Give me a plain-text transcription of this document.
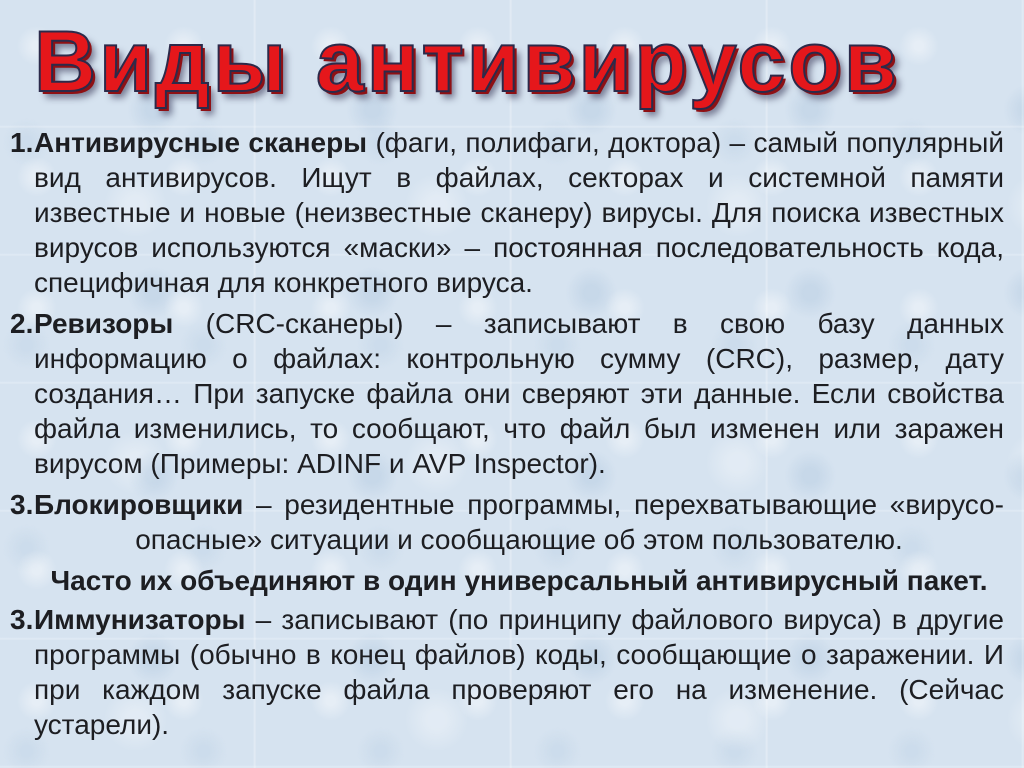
Виды антивирусов
1. Антивирусные сканеры (фаги, полифаги, доктора) – самый популярный вид антивирусов. Ищут в файлах, секторах и системной памяти известные и новые (неизвестные сканеру) вирусы. Для поиска известных вирусов используются «маски» – постоянная последовательность кода, специфичная для конкретного вируса.
2. Ревизоры (CRC-сканеры) – записывают в свою базу данных информацию о файлах: контрольную сумму (CRC), размер, дату создания… При запуске файла они сверяют эти данные. Если свойства файла изменились, то сообщают, что файл был изменен или заражен вирусом (Примеры: ADINF и AVP Inspector).
3. Блокировщики – резидентные программы, перехватывающие «вирусо-опасные» ситуации и сообщающие об этом пользователю.
Часто их объединяют в один универсальный антивирусный пакет.
3. Иммунизаторы – записывают (по принципу файлового вируса) в другие программы (обычно в конец файлов) коды, сообщающие о заражении. И при каждом запуске файла проверяют его на изменение. (Сейчас устарели).
